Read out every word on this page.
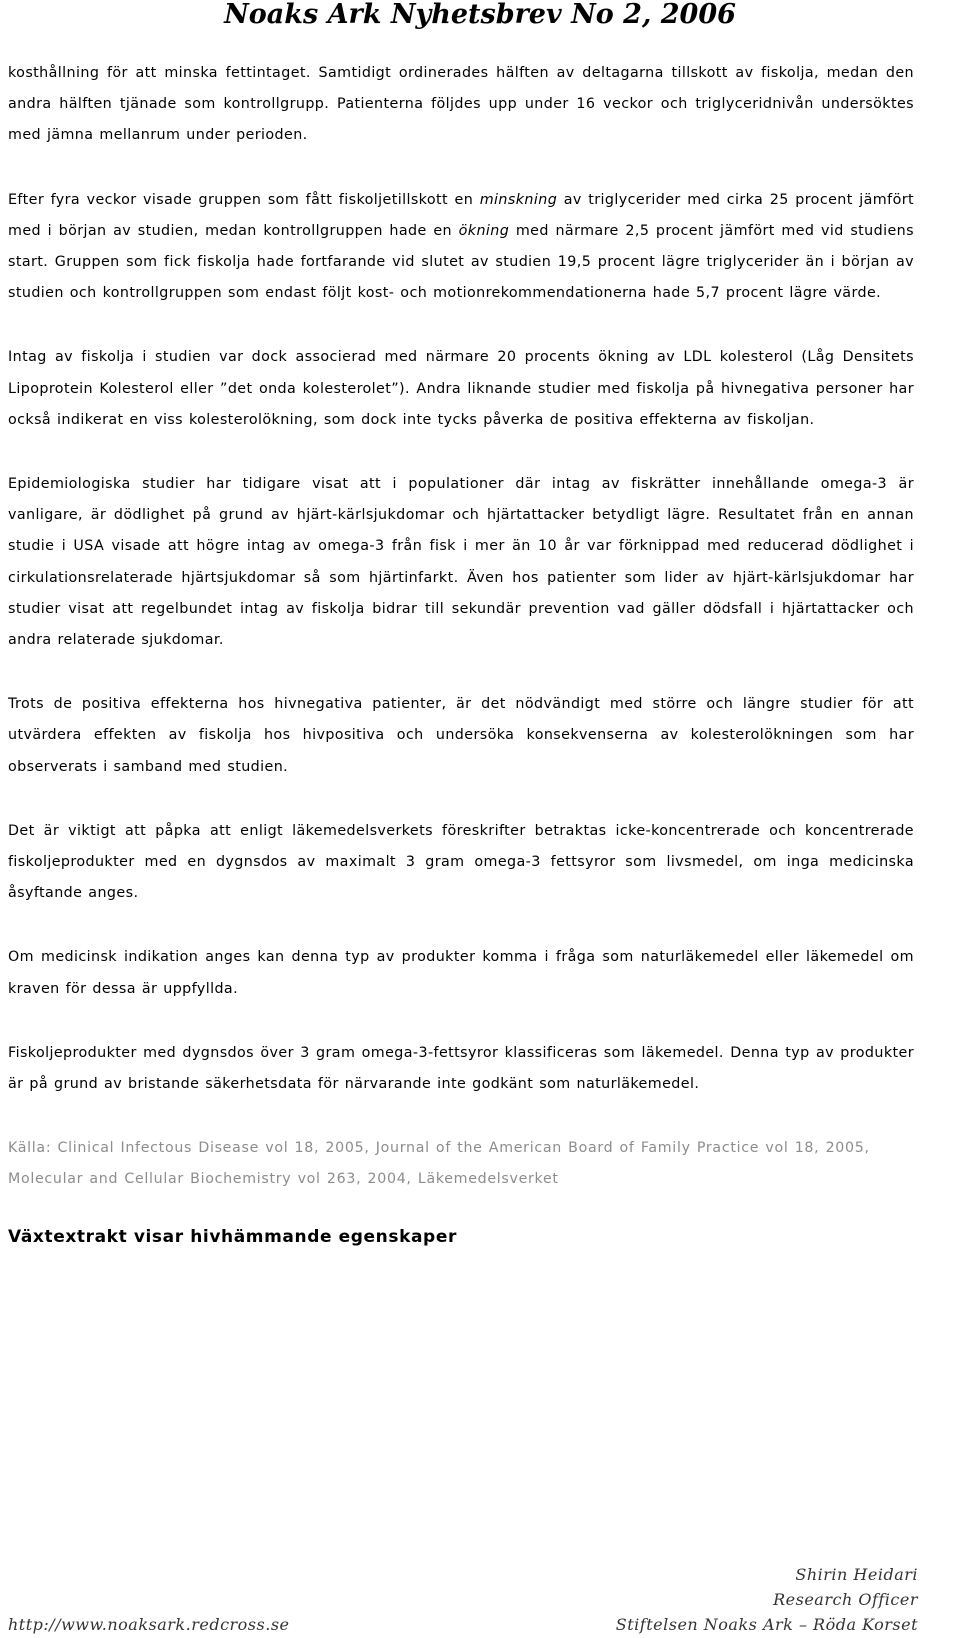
Noaks Ark Nyhetsbrev No 2, 2006

kosthållning för att minska fettintaget. Samtidigt ordinerades hälften av deltagarna tillskott av fiskolja, medan den andra hälften tjänade som kontrollgrupp. Patienterna följdes upp under 16 veckor och triglyceridnivån undersöktes med jämna mellanrum under perioden.

Efter fyra veckor visade gruppen som fått fiskoljetillskott en minskning av triglycerider med cirka 25 procent jämfört med i början av studien, medan kontrollgruppen hade en ökning med närmare 2,5 procent jämfört med vid studiens start. Gruppen som fick fiskolja hade fortfarande vid slutet av studien 19,5 procent lägre triglycerider än i början av studien och kontrollgruppen som endast följt kost- och motionrekommendationerna hade 5,7 procent lägre värde.

Intag av fiskolja i studien var dock associerad med närmare 20 procents ökning av LDL kolesterol (Låg Densitets Lipoprotein Kolesterol eller ”det onda kolesterolet”). Andra liknande studier med fiskolja på hivnegativa personer har också indikerat en viss kolesterolökning, som dock inte tycks påverka de positiva effekterna av fiskoljan.

Epidemiologiska studier har tidigare visat att i populationer där intag av fiskrätter innehållande omega-3 är vanligare, är dödlighet på grund av hjärt-kärlsjukdomar och hjärtattacker betydligt lägre. Resultatet från en annan studie i USA visade att högre intag av omega-3 från fisk i mer än 10 år var förknippad med reducerad dödlighet i cirkulationsrelaterade hjärtsjukdomar så som hjärtinfarkt. Även hos patienter som lider av hjärt-kärlsjukdomar har studier visat att regelbundet intag av fiskolja bidrar till sekundär prevention vad gäller dödsfall i hjärtattacker och andra relaterade sjukdomar.

Trots de positiva effekterna hos hivnegativa patienter, är det nödvändigt med större och längre studier för att utvärdera effekten av fiskolja hos hivpositiva och undersöka konsekvenserna av kolesterolökningen som har observerats i samband med studien.

Det är viktigt att påpka att enligt läkemedelsverkets föreskrifter betraktas icke-koncentrerade och koncentrerade fiskoljeprodukter med en dygnsdos av maximalt 3 gram omega-3 fettsyror som livsmedel, om inga medicinska åsyftande anges.

Om medicinsk indikation anges kan denna typ av produkter komma i fråga som naturläkemedel eller läkemedel om kraven för dessa är uppfyllda.

Fiskoljeprodukter med dygnsdos över 3 gram omega-3-fettsyror klassificeras som läkemedel. Denna typ av produkter är på grund av bristande säkerhetsdata för närvarande inte godkänt som naturläkemedel.

Källa: Clinical Infectous Disease vol 18, 2005, Journal of the American Board of Family Practice vol 18, 2005, Molecular and Cellular Biochemistry vol 263, 2004, Läkemedelsverket

Växtextrakt visar hivhämmande egenskaper
Shirin Heidari
Research Officer
http://www.noaksark.redcross.se	Stiftelsen Noaks Ark – Röda Korset
